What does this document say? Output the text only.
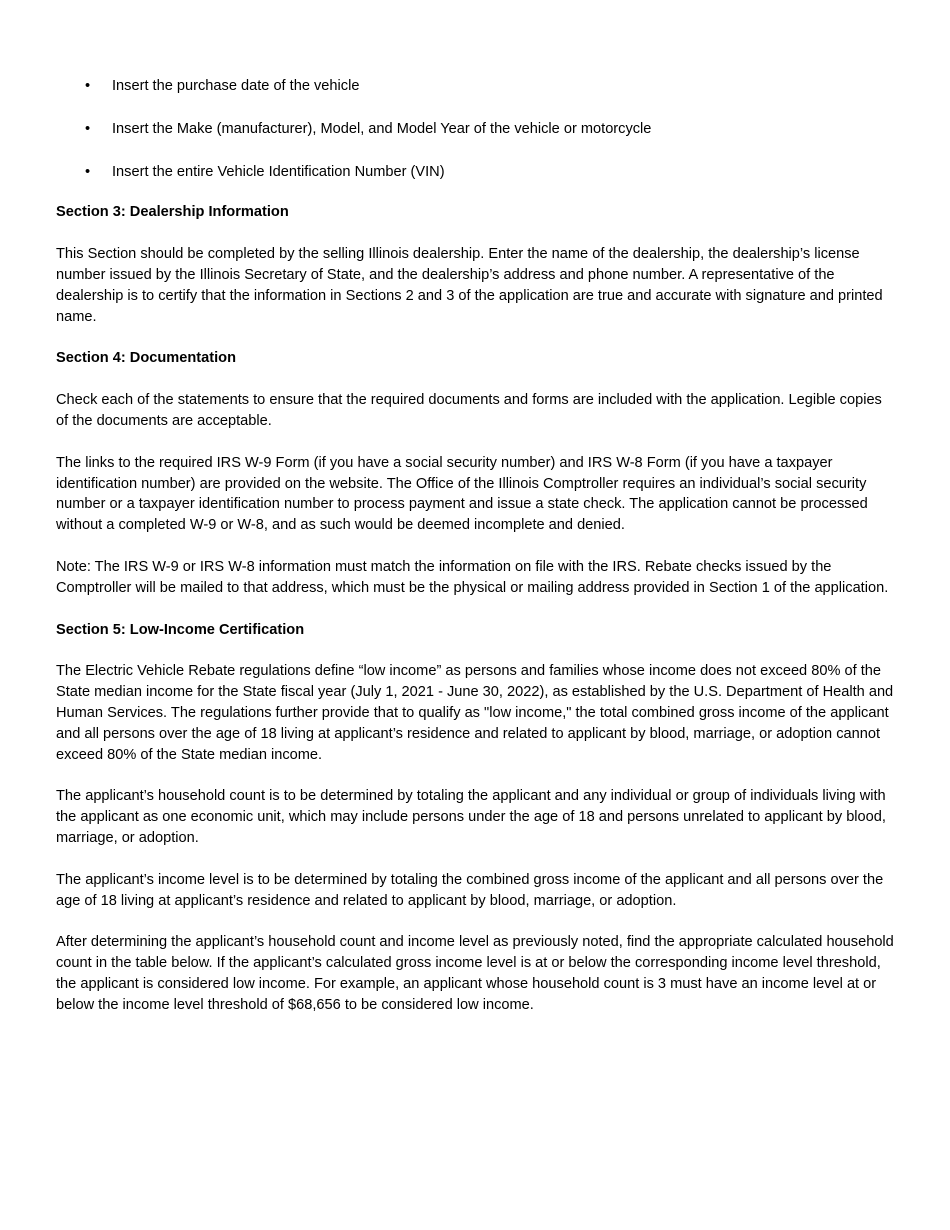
• Insert the purchase date of the vehicle
• Insert the Make (manufacturer), Model, and Model Year of the vehicle or motorcycle
• Insert the entire Vehicle Identification Number (VIN)

Section 3: Dealership Information

This Section should be completed by the selling Illinois dealership. Enter the name of the dealership, the dealership’s license number issued by the Illinois Secretary of State, and the dealership’s address and phone number. A representative of the dealership is to certify that the information in Sections 2 and 3 of the application are true and accurate with signature and printed name.

Section 4: Documentation

Check each of the statements to ensure that the required documents and forms are included with the application. Legible copies of the documents are acceptable.

The links to the required IRS W-9 Form (if you have a social security number) and IRS W-8 Form (if you have a taxpayer identification number) are provided on the website. The Office of the Illinois Comptroller requires an individual’s social security number or a taxpayer identification number to process payment and issue a state check. The application cannot be processed without a completed W-9 or W-8, and as such would be deemed incomplete and denied.

Note: The IRS W-9 or IRS W-8 information must match the information on file with the IRS. Rebate checks issued by the Comptroller will be mailed to that address, which must be the physical or mailing address provided in Section 1 of the application.

Section 5: Low-Income Certification

The Electric Vehicle Rebate regulations define “low income” as persons and families whose income does not exceed 80% of the State median income for the State fiscal year (July 1, 2021 - June 30, 2022), as established by the U.S. Department of Health and Human Services. The regulations further provide that to qualify as "low income," the total combined gross income of the applicant and all persons over the age of 18 living at applicant’s residence and related to applicant by blood, marriage, or adoption cannot exceed 80% of the State median income.

The applicant’s household count is to be determined by totaling the applicant and any individual or group of individuals living with the applicant as one economic unit, which may include persons under the age of 18 and persons unrelated to applicant by blood, marriage, or adoption.

The applicant’s income level is to be determined by totaling the combined gross income of the applicant and all persons over the age of 18 living at applicant’s residence and related to applicant by blood, marriage, or adoption.

After determining the applicant’s household count and income level as previously noted, find the appropriate calculated household count in the table below. If the applicant’s calculated gross income level is at or below the corresponding income level threshold, the applicant is considered low income. For example, an applicant whose household count is 3 must have an income level at or below the income level threshold of $68,656 to be considered low income.
